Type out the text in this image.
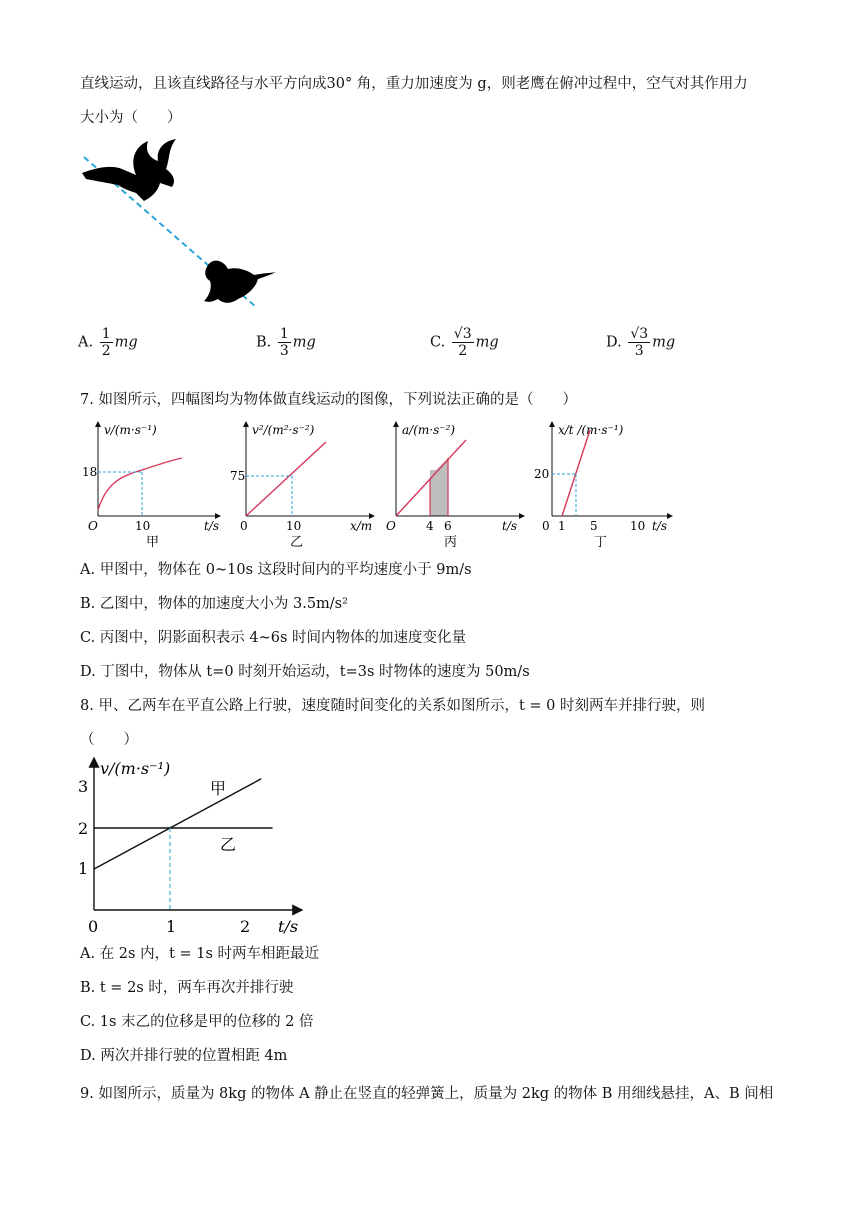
直线运动，且该直线路径与水平方向成30° 角，重力加速度为 g，则老鹰在俯冲过程中，空气对其作用力
大小为（　　）
A. $\frac{1}{2}$ mg	B. $\frac{1}{3}$ mg	C. $\frac{√3}{2}$ mg	D. $\frac{√3}{3}$ mg
7. 如图所示，四幅图均为物体做直线运动的图像，下列说法正确的是（　　）
v/(m·s⁻¹)
18
10
O	t/s
甲
v²/(m²·s⁻²)
75
10
0	x/m
乙
a/(m·s⁻²)
4 6
O	t/s
丙
x/t /(m·s⁻¹)
20
0 1 5	10 t/s
丁
A. 甲图中，物体在 0~10s 这段时间内的平均速度小于 9m/s
B. 乙图中，物体的加速度大小为 3.5m/s²
C. 丙图中，阴影面积表示 4~6s 时间内物体的加速度变化量
D. 丁图中，物体从 t=0 时刻开始运动，t=3s 时物体的速度为 50m/s
8. 甲、乙两车在平直公路上行驶，速度随时间变化的关系如图所示，t = 0 时刻两车并排行驶，则
（　　）
v/(m·s⁻¹)
t/s
1
2
3
0	1	2
甲
乙
A. 在 2s 内，t = 1s 时两车相距最近
B. t = 2s 时，两车再次并排行驶
C. 1s 末乙的位移是甲的位移的 2 倍
D. 两次并排行驶的位置相距 4m
9. 如图所示，质量为 8kg 的物体 A 静止在竖直的轻弹簧上，质量为 2kg 的物体 B 用细线悬挂，A、B 间相
